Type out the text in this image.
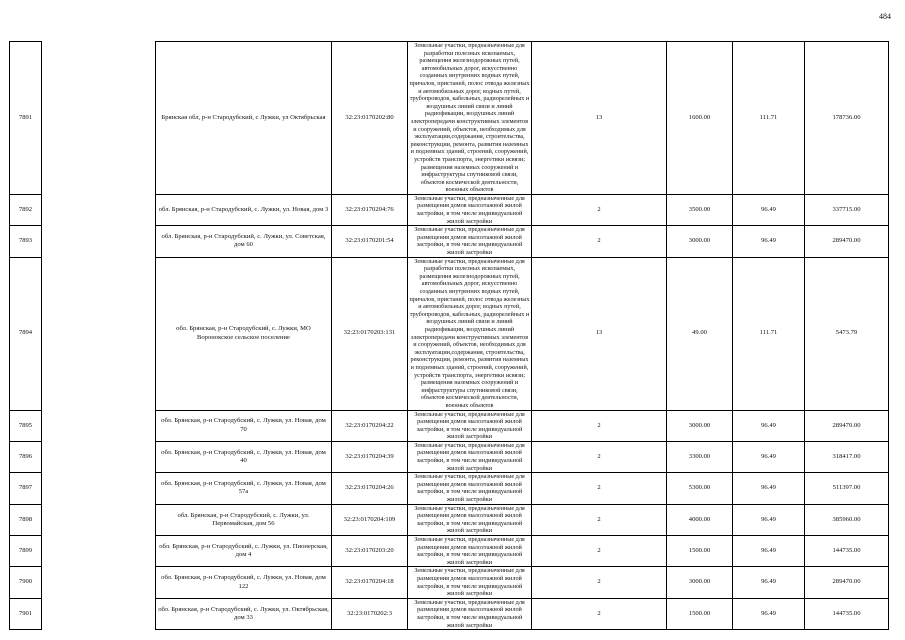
484
7891		Брянская обл, р-н Стародубский, с Лужки, ул Октябрьская	32:23:0170202:80	Земельные участки, предназначенные для разработки полезных ископаемых, размещения железнодорожных путей, автомобильных дорог, искусственно созданных внутренних водных путей, причалов, пристаней, полос отвода железных и автомобильных дорог, водных путей, трубопроводов, кабельных, радиорелейных и воздушных линий связи и линий радиофикации, воздушных линий электропередачи конструктивных элементов и сооружений, объектов, необходимых для эксплуатации,содержания, строительства, реконструкции, ремонта, развития наземных и подземных зданий, строений, сооружений, устройств транспорта, энергетики исвязи; размещения наземных сооружений и инфраструктуры спутниковой связи, объектов космической деятельности, военных объектов	13	1600.00	111.71	178736.00
7892		обл. Брянская, р-н Стародубский, с. Лужки, ул. Новая, дом 3	32:23:0170204:76	Земельные участки, предназначенные для размещения домов малоэтажной жилой застройки, в том числе индивидуальной жилой застройки	2	3500.00	96.49	337715.00
7893		обл. Брянская, р-н Стародубский, с. Лужки, ул. Советская, дом 60	32:23:0170201:54	Земельные участки, предназначенные для размещения домов малоэтажной жилой застройки, в том числе индивидуальной жилой застройки	2	3000.00	96.49	289470.00
7894		обл. Брянская, р-н Стародубский, с. Лужки, МО Воронокское сельское поселение	32:23:0170203:131	Земельные участки, предназначенные для разработки полезных ископаемых, размещения железнодорожных путей, автомобильных дорог, искусственно созданных внутренних водных путей, причалов, пристаней, полос отвода железных и автомобильных дорог, водных путей, трубопроводов, кабельных, радиорелейных и воздушных линий связи и линий радиофикации, воздушных линий электропередачи конструктивных элементов и сооружений, объектов, необходимых для эксплуатации,содержания, строительства, реконструкции, ремонта, развития наземных и подземных зданий, строений, сооружений, устройств транспорта, энергетики исвязи; размещения наземных сооружений и инфраструктуры спутниковой связи, объектов космической деятельности, военных объектов	13	49.00	111.71	5473.79
7895		обл. Брянская, р-н Стародубский, с. Лужки, ул. Новая, дом 70	32:23:0170204:22	Земельные участки, предназначенные для размещения домов малоэтажной жилой застройки, в том числе индивидуальной жилой застройки	2	3000.00	96.49	289470.00
7896		обл. Брянская, р-н Стародубский, с. Лужки, ул. Новая, дом 40	32:23:0170204:39	Земельные участки, предназначенные для размещения домов малоэтажной жилой застройки, в том числе индивидуальной жилой застройки	2	3300.00	96.49	318417.00
7897		обл. Брянская, р-н Стародубский, с. Лужки, ул. Новая, дом 57а	32:23:0170204:26	Земельные участки, предназначенные для размещения домов малоэтажной жилой застройки, в том числе индивидуальной жилой застройки	2	5300.00	96.49	511397.00
7898		обл. Брянская, р-н Стародубский, с. Лужки, ул. Первомайская, дом 56	32:23:0170204:109	Земельные участки, предназначенные для размещения домов малоэтажной жилой застройки, в том числе индивидуальной жилой застройки	2	4000.00	96.49	385960.00
7899		обл. Брянская, р-н Стародубский, с. Лужки, ул. Пионерская, дом 4	32:23:0170203:20	Земельные участки, предназначенные для размещения домов малоэтажной жилой застройки, в том числе индивидуальной жилой застройки	2	1500.00	96.49	144735.00
7900		обл. Брянская, р-н Стародубский, с. Лужки, ул. Новая, дом 122	32:23:0170204:18	Земельные участки, предназначенные для размещения домов малоэтажной жилой застройки, в том числе индивидуальной жилой застройки	2	3000.00	96.49	289470.00
7901		обл. Брянская, р-н Стародубский, с. Лужки, ул. Октябрьская, дом 33	32:23:0170202:3	Земельные участки, предназначенные для размещения домов малоэтажной жилой застройки, в том числе индивидуальной жилой застройки	2	1500.00	96.49	144735.00
